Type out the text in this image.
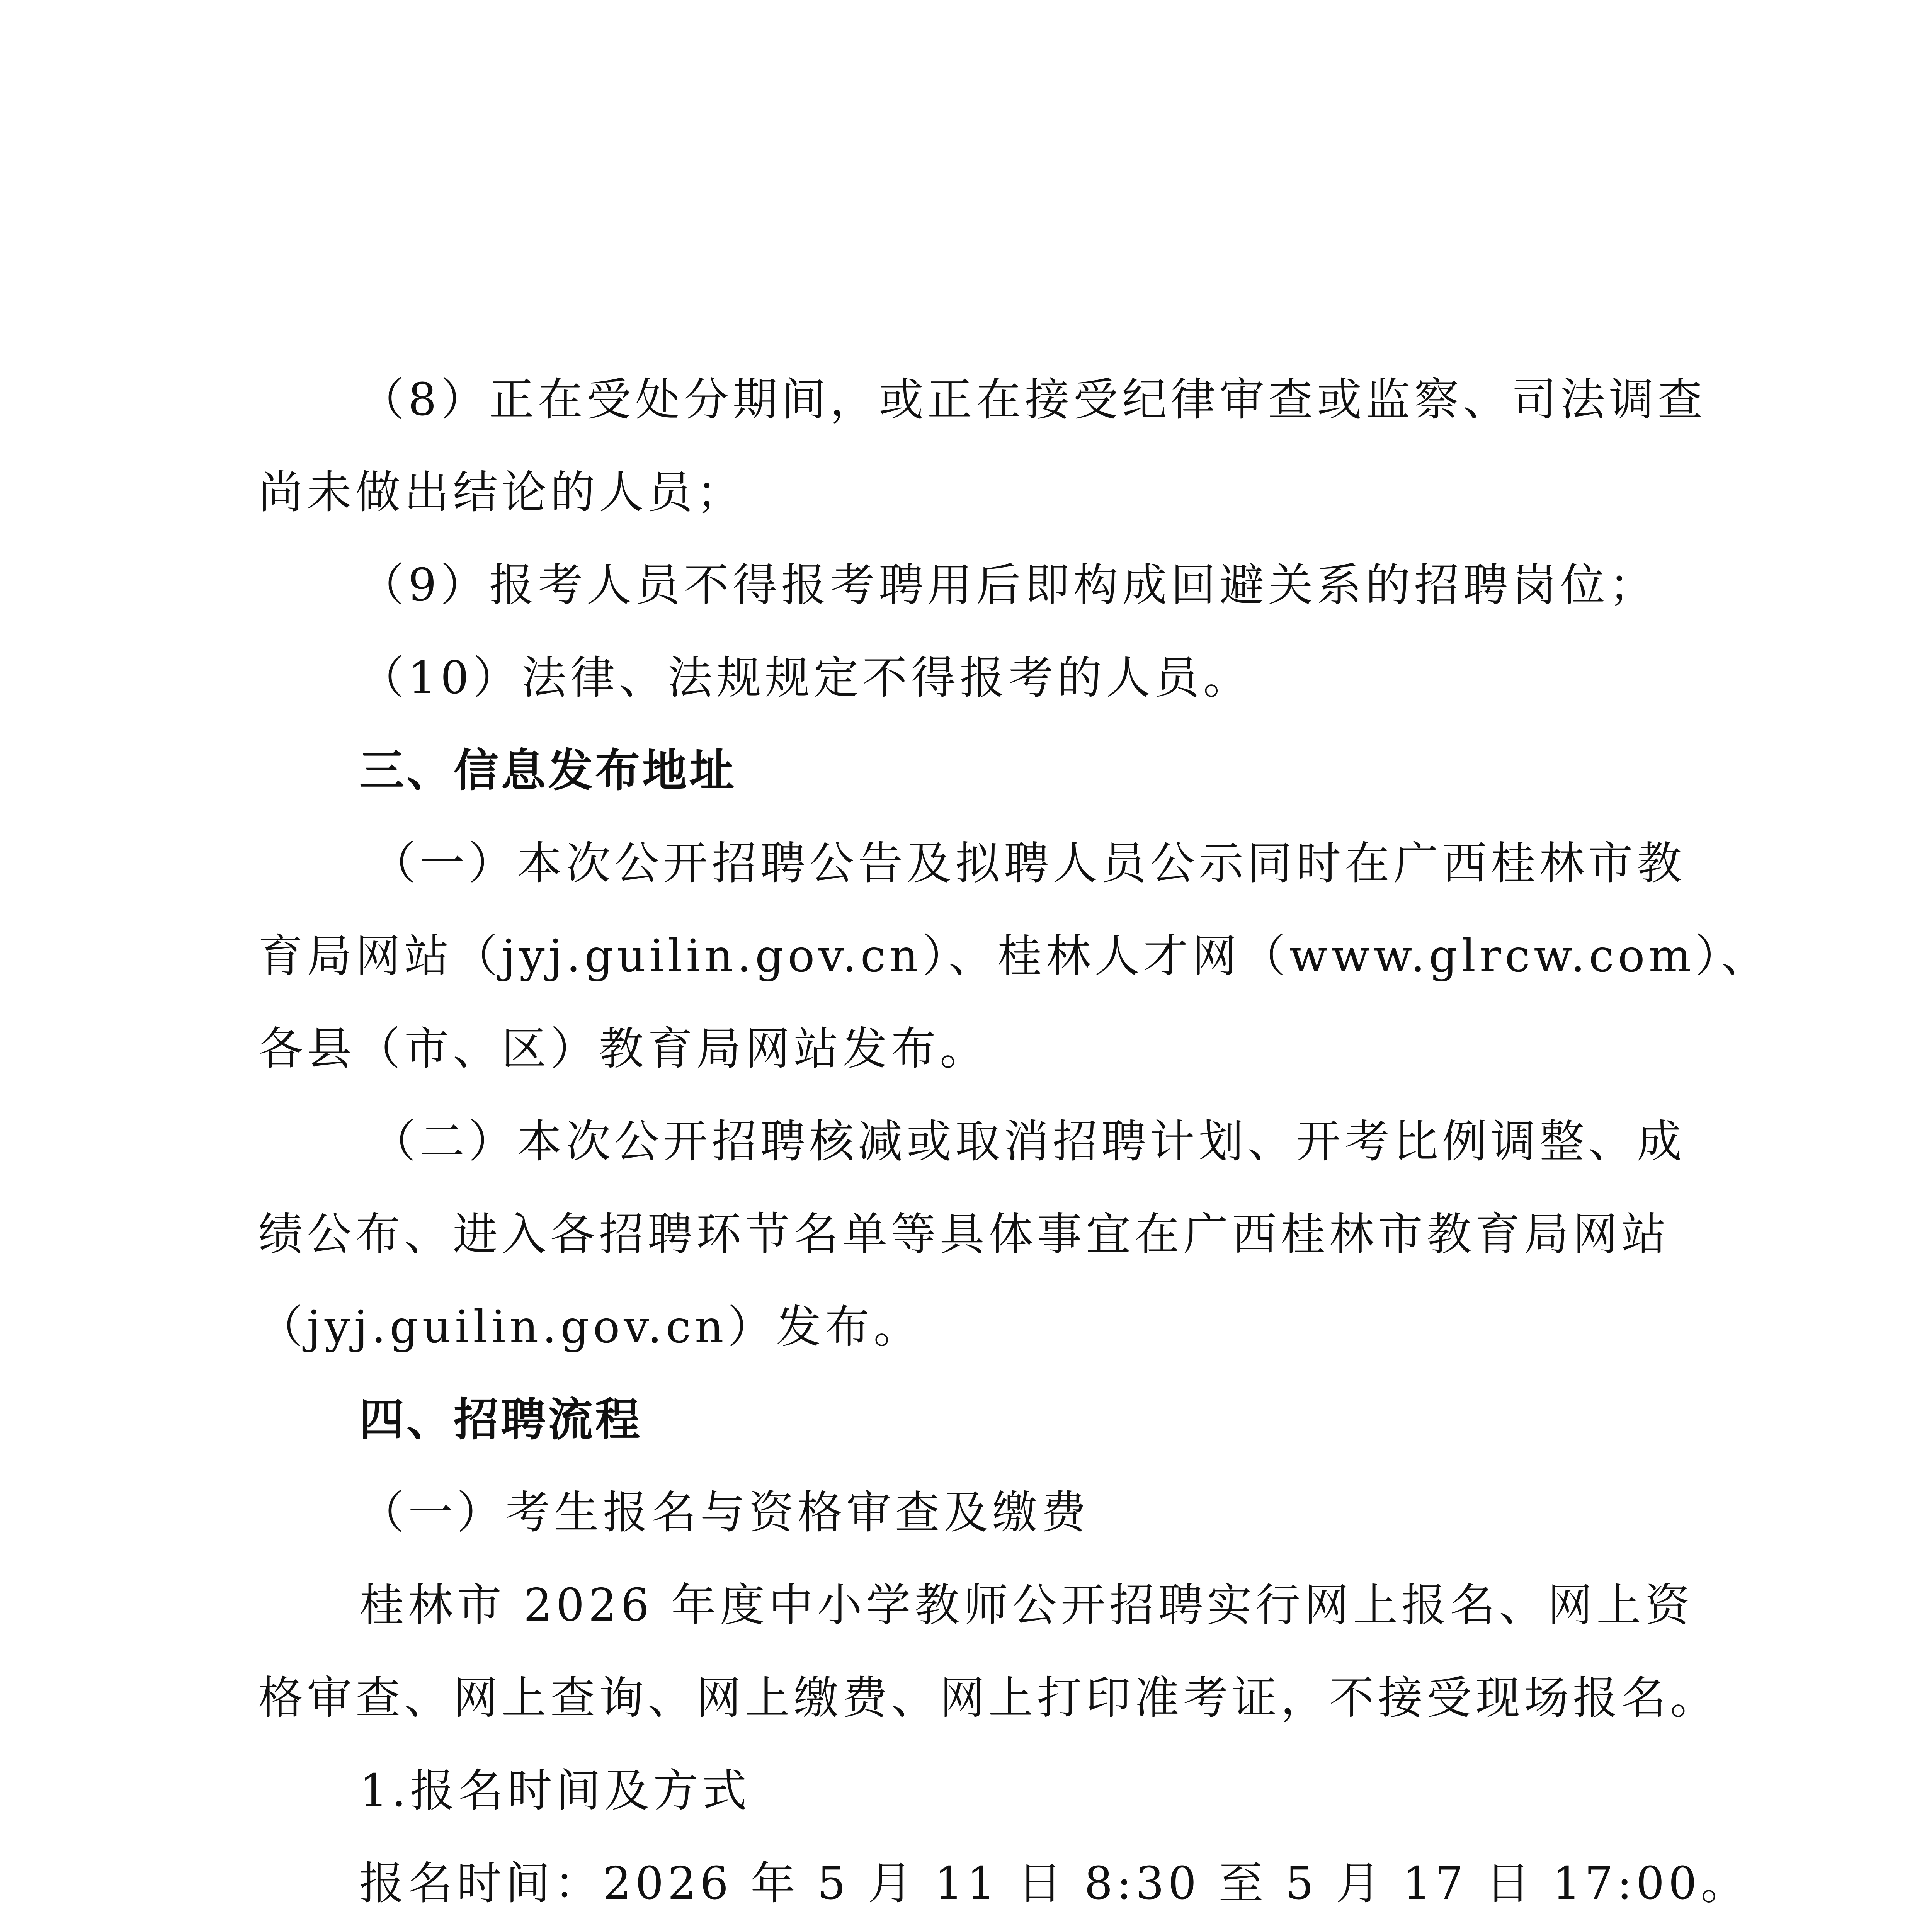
（8）正在受处分期间，或正在接受纪律审查或监察、司法调查
尚未做出结论的人员；
（9）报考人员不得报考聘用后即构成回避关系的招聘岗位；
（10）法律、法规规定不得报考的人员。
三、信息发布地址
（一）本次公开招聘公告及拟聘人员公示同时在广西桂林市教
育局网站（jyj.guilin.gov.cn）、桂林人才网（www.glrcw.com）、
各县（市、区）教育局网站发布。
（二）本次公开招聘核减或取消招聘计划、开考比例调整、成
绩公布、进入各招聘环节名单等具体事宜在广西桂林市教育局网站
（jyj.guilin.gov.cn）发布。
四、招聘流程
（一）考生报名与资格审查及缴费
桂林市 2026 年度中小学教师公开招聘实行网上报名、网上资
格审查、网上查询、网上缴费、网上打印准考证，不接受现场报名。
1.报名时间及方式
报名时间：2026 年 5 月 11 日 8:30 至 5 月 17 日 17:00。
